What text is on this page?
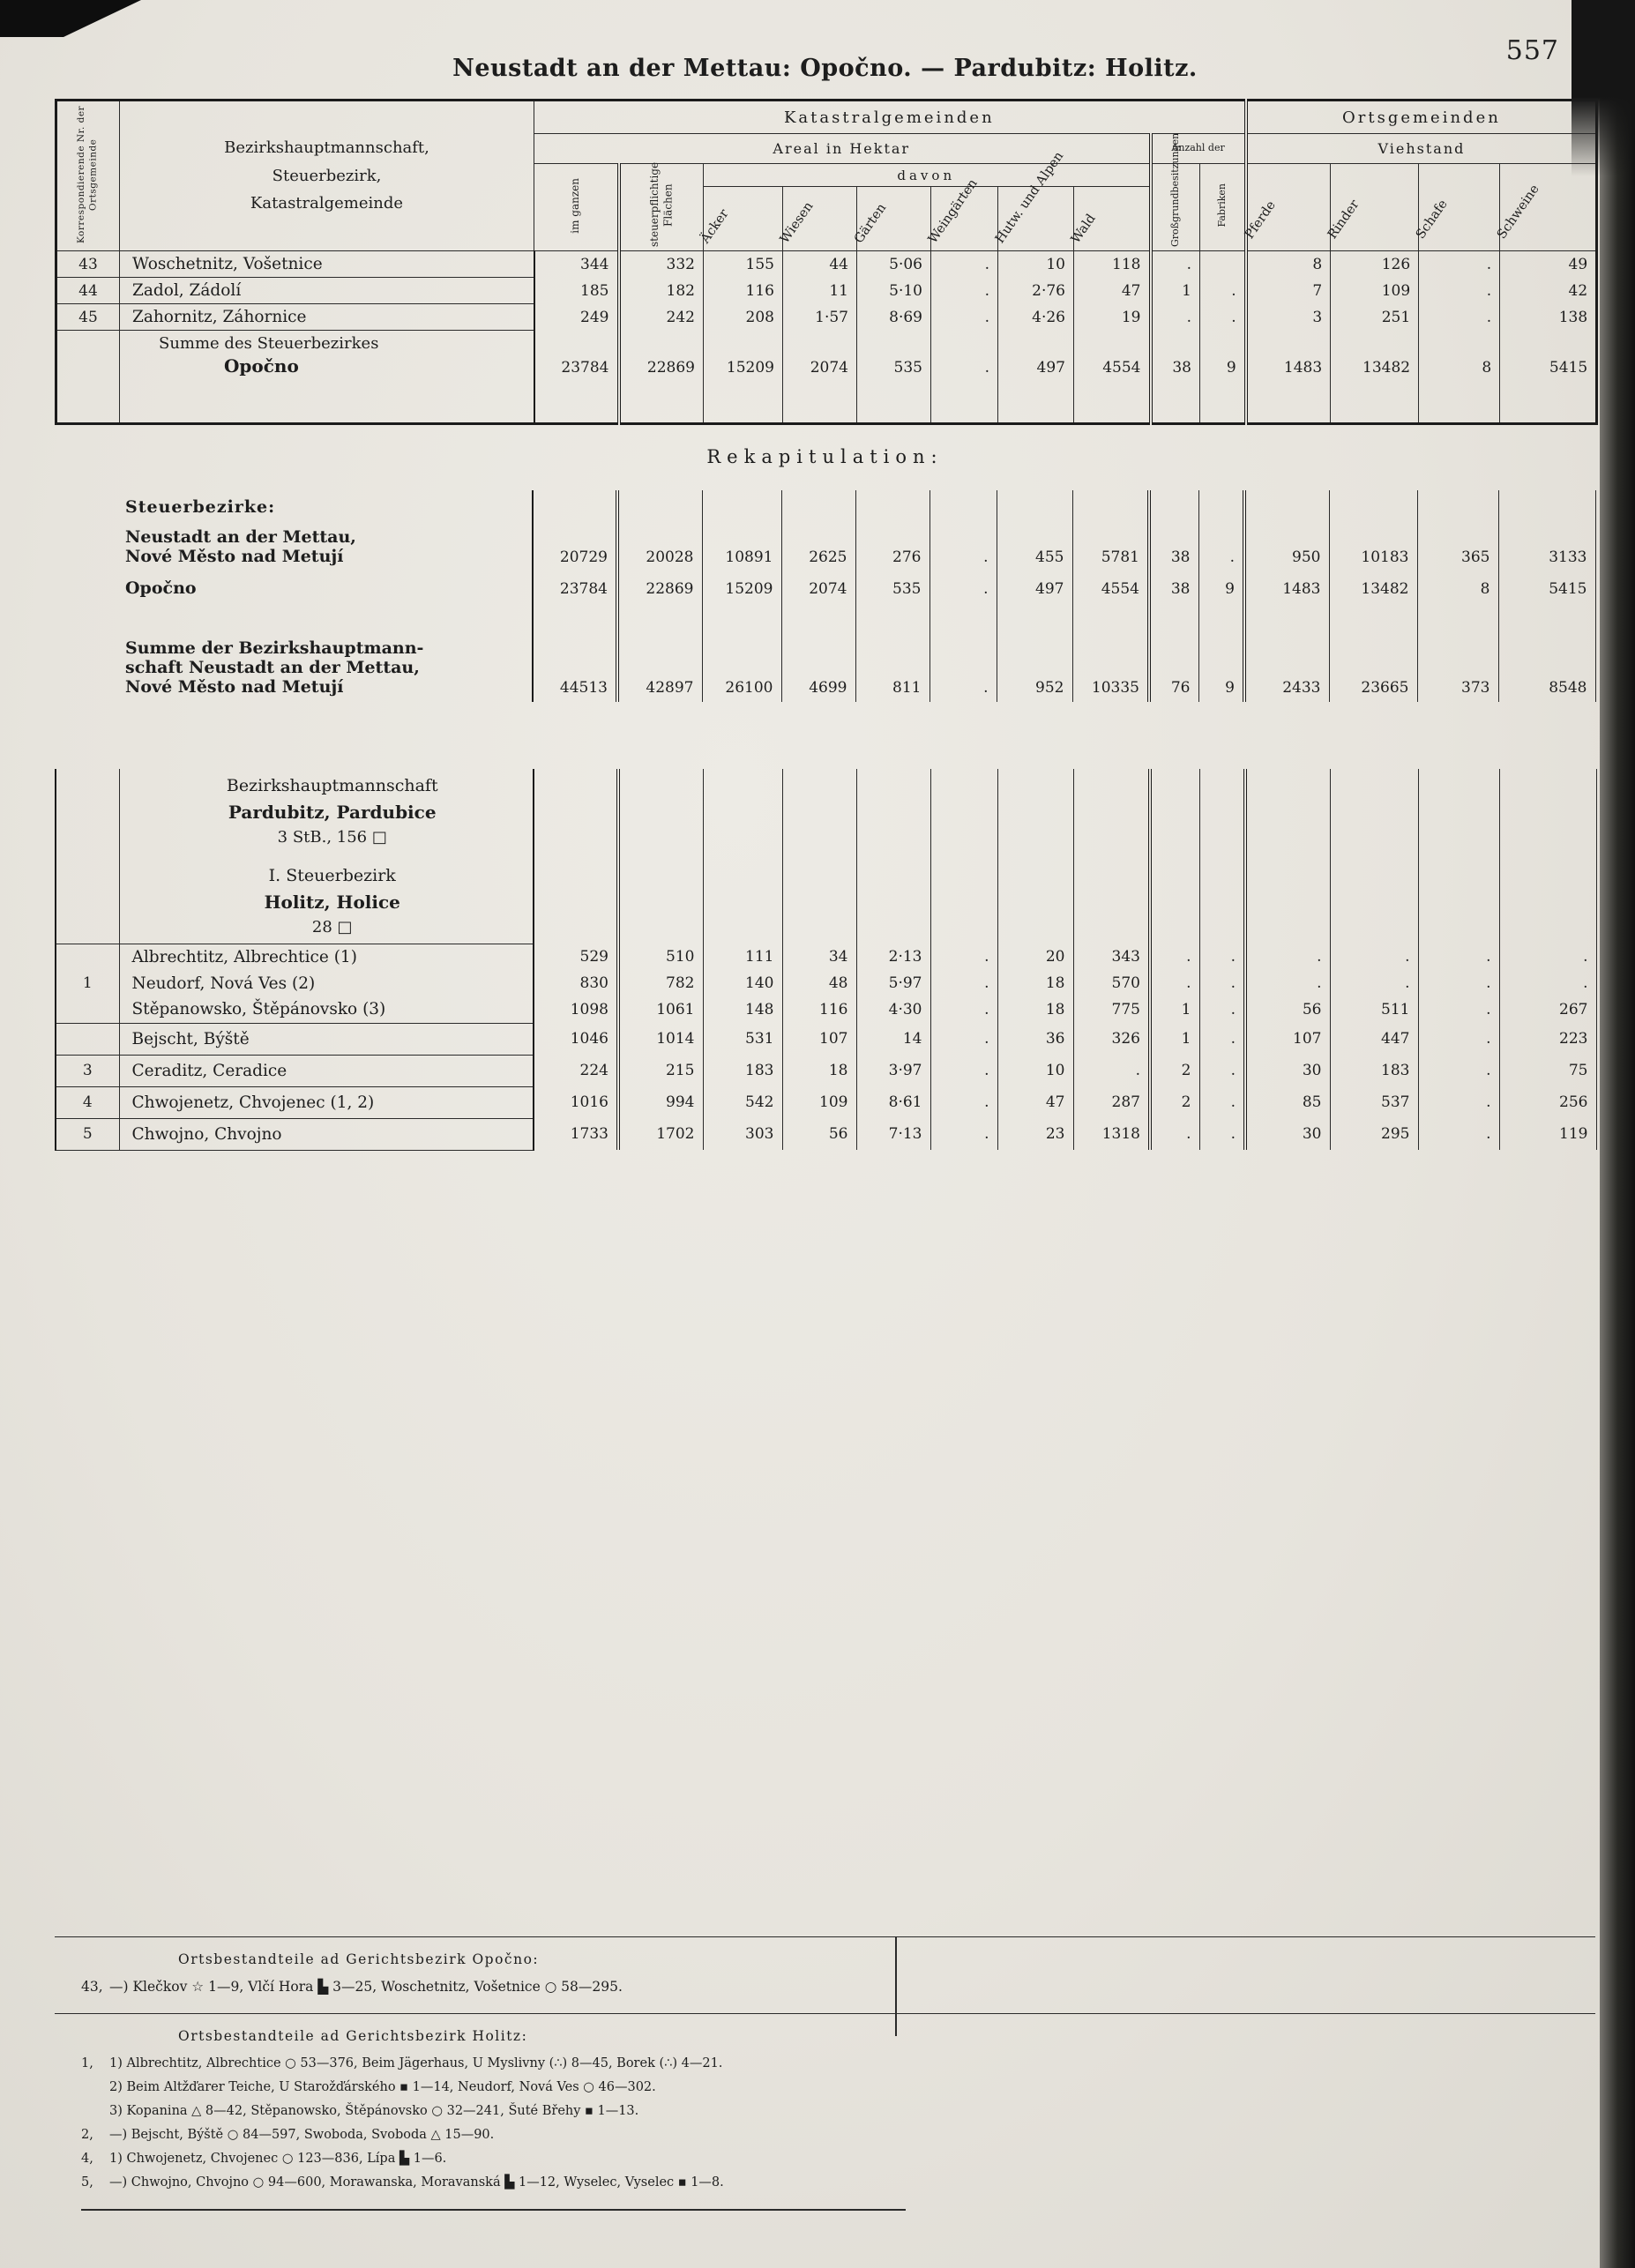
557
Neustadt an der Mettau: Opočno. — Pardubitz: Holitz.
Korrespondierende Nr. der Ortsgemeinde	Bezirkshauptmannschaft,
Steuerbezirk,
Katastralgemeinde	Katastralgemeinden										Ortsgemeinden			
		Areal in Hektar								Anzahl der		Viehstand			
		im ganzen	steuerpflichtige Flächen	davon						Großgrundbesitzungen	Fabriken	Pferde	Rinder	Schafe	Schweine

				Äcker	Wiesen	Gärten	Weingärten	Hutw. und Alpen	Wald						

43	Woschetnitz, Vošetnice	344	332	155	44	5·06	.	10	118	.		8	126	.	49
44	Zadol, Zádolí	185	182	116	11	5·10	.	2·76	47	1	.	7	109	.	42
45	Zahornitz, Záhornice	249	242	208	1·57	8·69	.	4·26	19	.	.	3	251	.	138

	Summe des Steuerbezirkes
Opočno	23784	22869	15209	2074	535	.	497	4554	38	9	1483	13482	8	5415

Rekapitulation:
	Steuerbezirke:														

	Neustadt an der Mettau,
Nové Město nad Metují	20729	20028	10891	2625	276	.	455	5781	38	.	950	10183	365	3133

	Opočno	23784	22869	15209	2074	535	.	497	4554	38	9	1483	13482	8	5415

	Summe der Bezirkshauptmann-
schaft Neustadt an der Mettau,
Nové Město nad Metují	44513	42897	26100	4699	811	.	952	10335	76	9	2433	23665	373	8548

Bezirkshauptmannschaft
Pardubitz, Pardubice
3 StB., 156 □
I. Steuerbezirk
Holitz, Holice
28 □

1	Albrechtitz, Albrechtice (1)	529	510	111	34	2·13	.	20	343	.	.	.	.	.	.
	Neudorf, Nová Ves (2)	830	782	140	48	5·97	.	18	570	.	.	.	.	.	.
	Stěpanowsko, Štěpánovsko (3)	1098	1061	148	116	4·30	.	18	775	1	.	56	511	.	267
	Bejscht, Býště	1046	1014	531	107	14	.	36	326	1	.	107	447	.	223
3	Ceraditz, Ceradice	224	215	183	18	3·97	.	10	.	2	.	30	183	.	75
4	Chwojenetz, Chvojenec (1, 2)	1016	994	542	109	8·61	.	47	287	2	.	85	537	.	256
5	Chwojno, Chvojno	1733	1702	303	56	7·13	.	23	1318	.	.	30	295	.	119
Ortsbestandteile ad Gerichtsbezirk Opočno:
43, —) Klečkov ☆ 1—9, Vlčí Hora ▙ 3—25, Woschetnitz, Vošetnice ○ 58—295.
Ortsbestandteile ad Gerichtsbezirk Holitz:
1,	1) Albrechtitz, Albrechtice ○ 53—376, Beim Jägerhaus, U Myslivny (∴) 8—45, Borek (∴) 4—21.
2) Beim Altžďarer Teiche, U Starožďárského ▪ 1—14, Neudorf, Nová Ves ○ 46—302.
3) Kopanina △ 8—42, Stěpanowsko, Štěpánovsko ○ 32—241, Šuté Břehy ▪ 1—13.
2,	—) Bejscht, Býště ○ 84—597, Swoboda, Svoboda △ 15—90.
4,	1) Chwojenetz, Chvojenec ○ 123—836, Lípa ▙ 1—6.
5,	—) Chwojno, Chvojno ○ 94—600, Morawanska, Moravanská ▙ 1—12, Wyselec, Vyselec ▪ 1—8.
